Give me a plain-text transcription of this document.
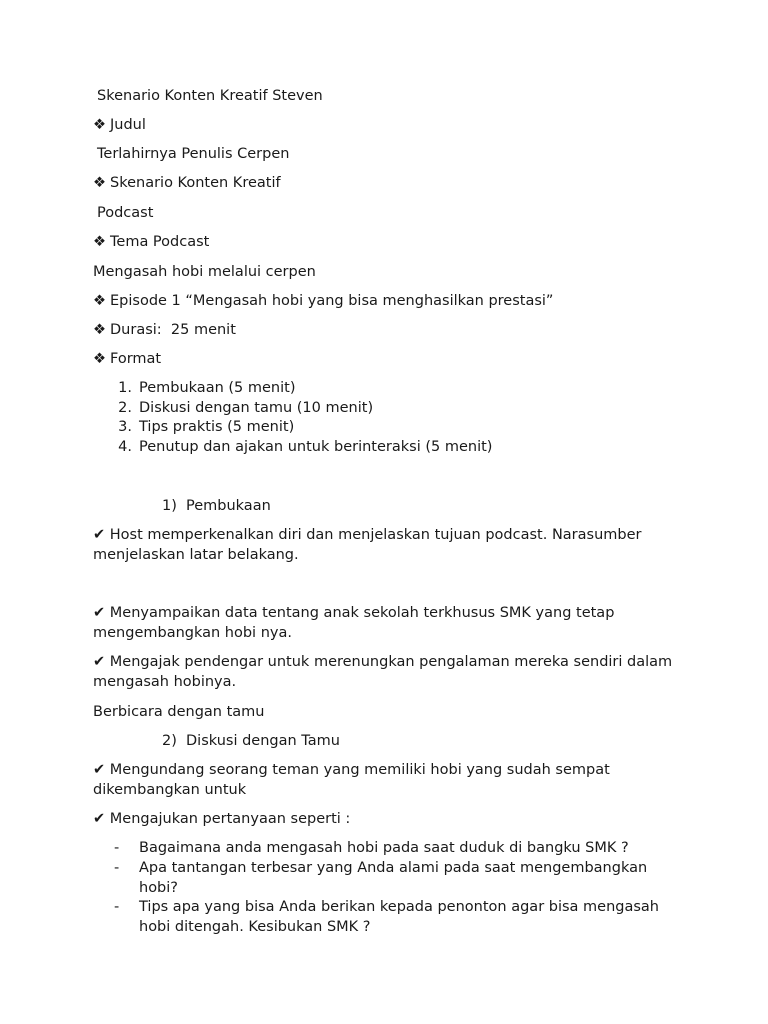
Skenario Konten Kreatif Steven
❖ Judul
Terlahirnya Penulis Cerpen
❖ Skenario Konten Kreatif
Podcast
❖ Tema Podcast
Mengasah hobi melalui cerpen
❖ Episode 1 “Mengasah hobi yang bisa menghasilkan prestasi”
❖ Durasi:  25 menit
❖ Format
1. Pembukaan (5 menit)
2. Diskusi dengan tamu (10 menit)
3. Tips praktis (5 menit)
4. Penutup dan ajakan untuk berinteraksi (5 menit)
1) Pembukaan
✔ Host memperkenalkan diri dan menjelaskan tujuan podcast. Narasumber menjelaskan latar belakang.
✔ Menyampaikan data tentang anak sekolah terkhusus SMK yang tetap mengembangkan hobi nya.
✔ Mengajak pendengar untuk merenungkan pengalaman mereka sendiri dalam mengasah hobinya.
Berbicara dengan tamu
2) Diskusi dengan Tamu
✔ Mengundang seorang teman yang memiliki hobi yang sudah sempat dikembangkan untuk
✔ Mengajukan pertanyaan seperti :
- Bagaimana anda mengasah hobi pada saat duduk di bangku SMK ?
- Apa tantangan terbesar yang Anda alami pada saat mengembangkan hobi?
- Tips apa yang bisa Anda berikan kepada penonton agar bisa mengasah hobi ditengah. Kesibukan SMK ?
